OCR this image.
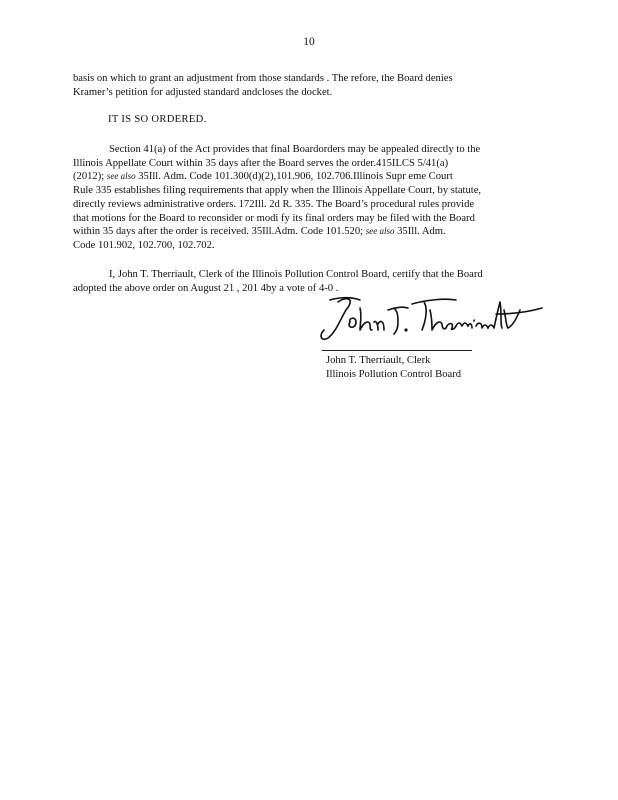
10
basis on which to grant an adjustment from those standards . The refore, the Board denies
Kramer’s petition for adjusted standard andcloses the docket.
IT IS SO ORDERED.
Section 41(a) of the Act provides that final Boardorders may be appealed directly to the
Illinois Appellate Court within 35 days after the Board serves the order.415ILCS 5/41(a)
(2012); see also 35Ill. Adm. Code 101.300(d)(2),101.906, 102.706.Illinois Supr eme Court
Rule 335 establishes filing requirements that apply when the Illinois Appellate Court, by statute,
directly reviews administrative orders. 172Ill. 2d R. 335. The Board’s procedural rules provide
that motions for the Board to reconsider or modi fy its final orders may be filed with the Board
within 35 days after the order is received. 35Ill.Adm. Code 101.520; see also 35Ill. Adm.
Code 101.902, 102.700, 102.702.
I, John T. Therriault, Clerk of the Illinois Pollution Control Board, certify that the Board
adopted the above order on August 21 , 201 4by a vote of 4-0 .
John T. Therriault, Clerk
Illinois Pollution Control Board
